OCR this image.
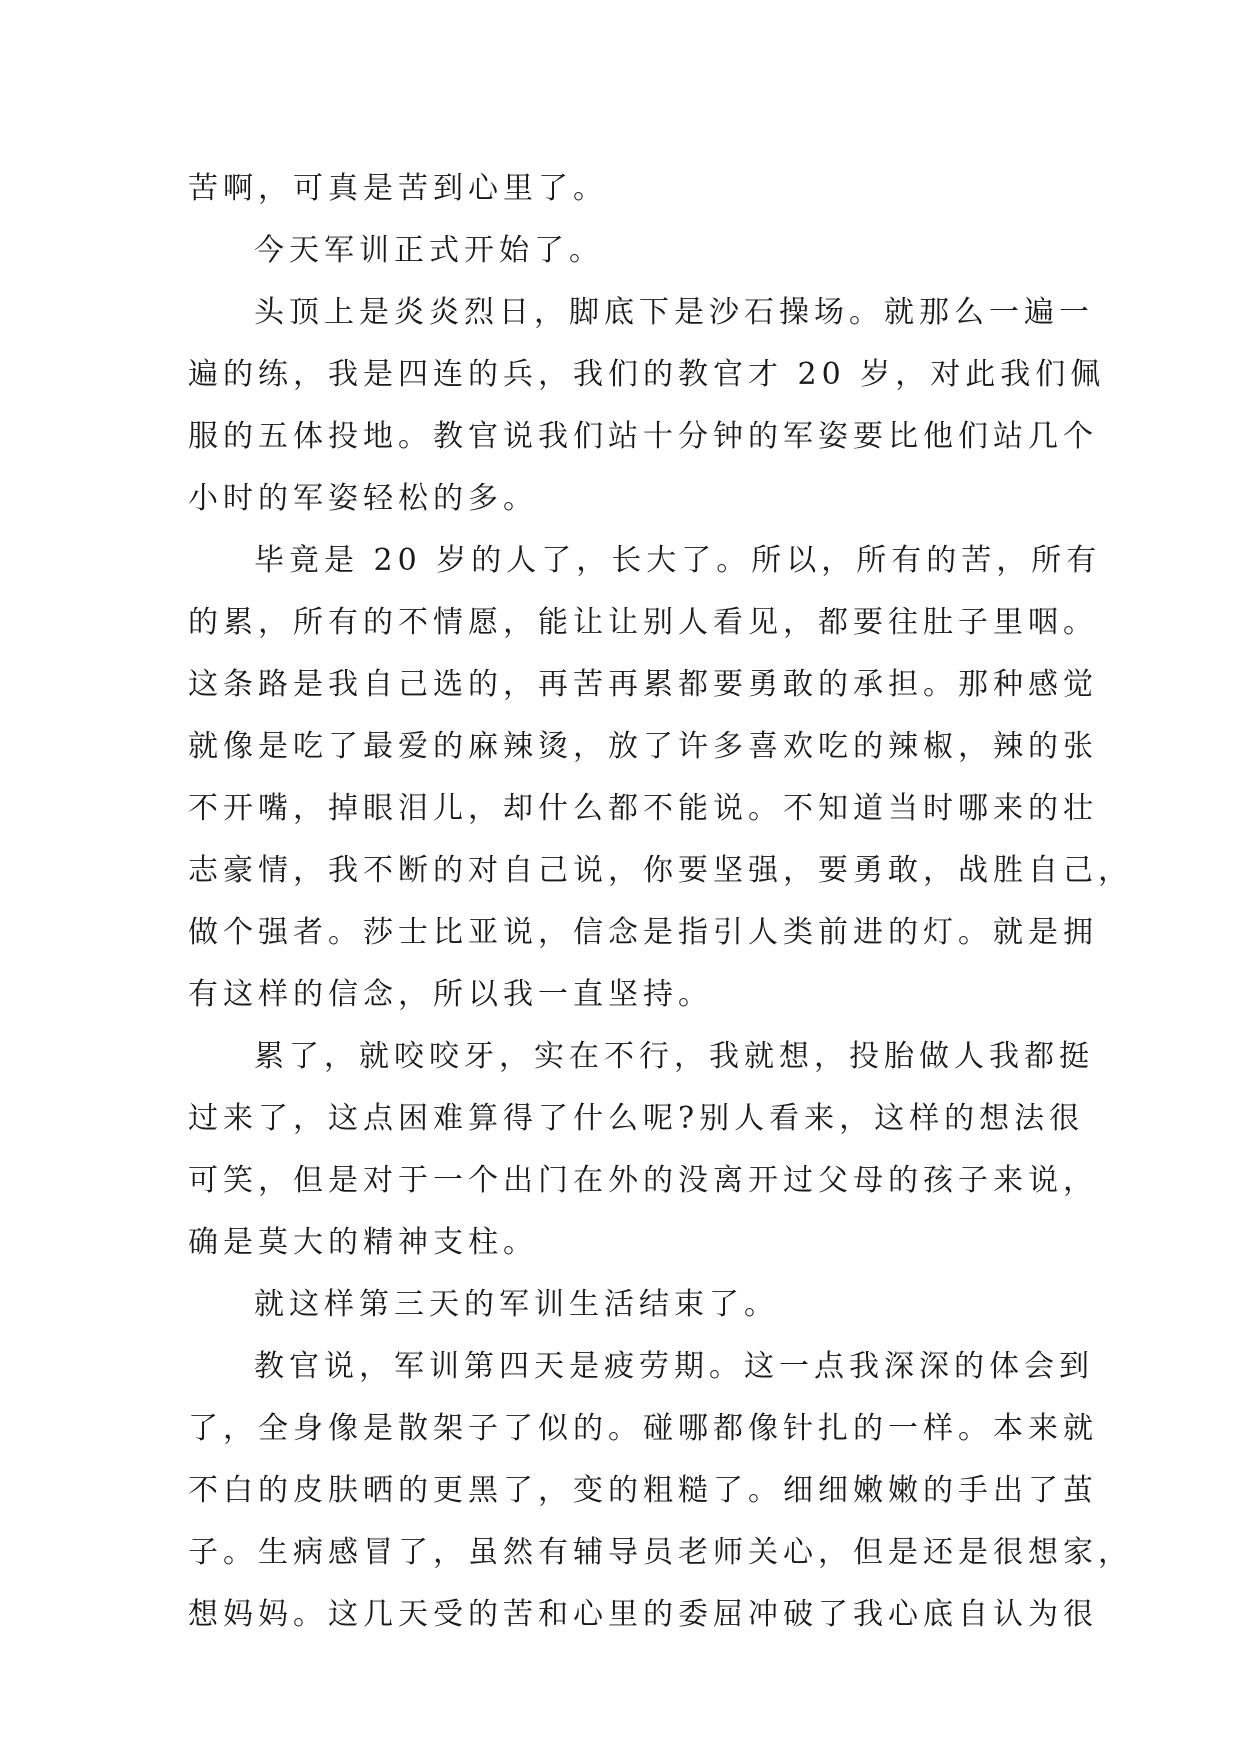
苦啊，可真是苦到心里了。
今天军训正式开始了。
头顶上是炎炎烈日，脚底下是沙石操场。就那么一遍一
遍的练，我是四连的兵，我们的教官才 20 岁，对此我们佩
服的五体投地。教官说我们站十分钟的军姿要比他们站几个
小时的军姿轻松的多。
毕竟是 20 岁的人了，长大了。所以，所有的苦，所有
的累，所有的不情愿，能让让别人看见，都要往肚子里咽。
这条路是我自己选的，再苦再累都要勇敢的承担。那种感觉
就像是吃了最爱的麻辣烫，放了许多喜欢吃的辣椒，辣的张
不开嘴，掉眼泪儿，却什么都不能说。不知道当时哪来的壮
志豪情，我不断的对自己说，你要坚强，要勇敢，战胜自己，
做个强者。莎士比亚说，信念是指引人类前进的灯。就是拥
有这样的信念，所以我一直坚持。
累了，就咬咬牙，实在不行，我就想，投胎做人我都挺
过来了，这点困难算得了什么呢?别人看来，这样的想法很
可笑，但是对于一个出门在外的没离开过父母的孩子来说，
确是莫大的精神支柱。
就这样第三天的军训生活结束了。
教官说，军训第四天是疲劳期。这一点我深深的体会到
了，全身像是散架子了似的。碰哪都像针扎的一样。本来就
不白的皮肤晒的更黑了，变的粗糙了。细细嫩嫩的手出了茧
子。生病感冒了，虽然有辅导员老师关心，但是还是很想家，
想妈妈。这几天受的苦和心里的委屈冲破了我心底自认为很
